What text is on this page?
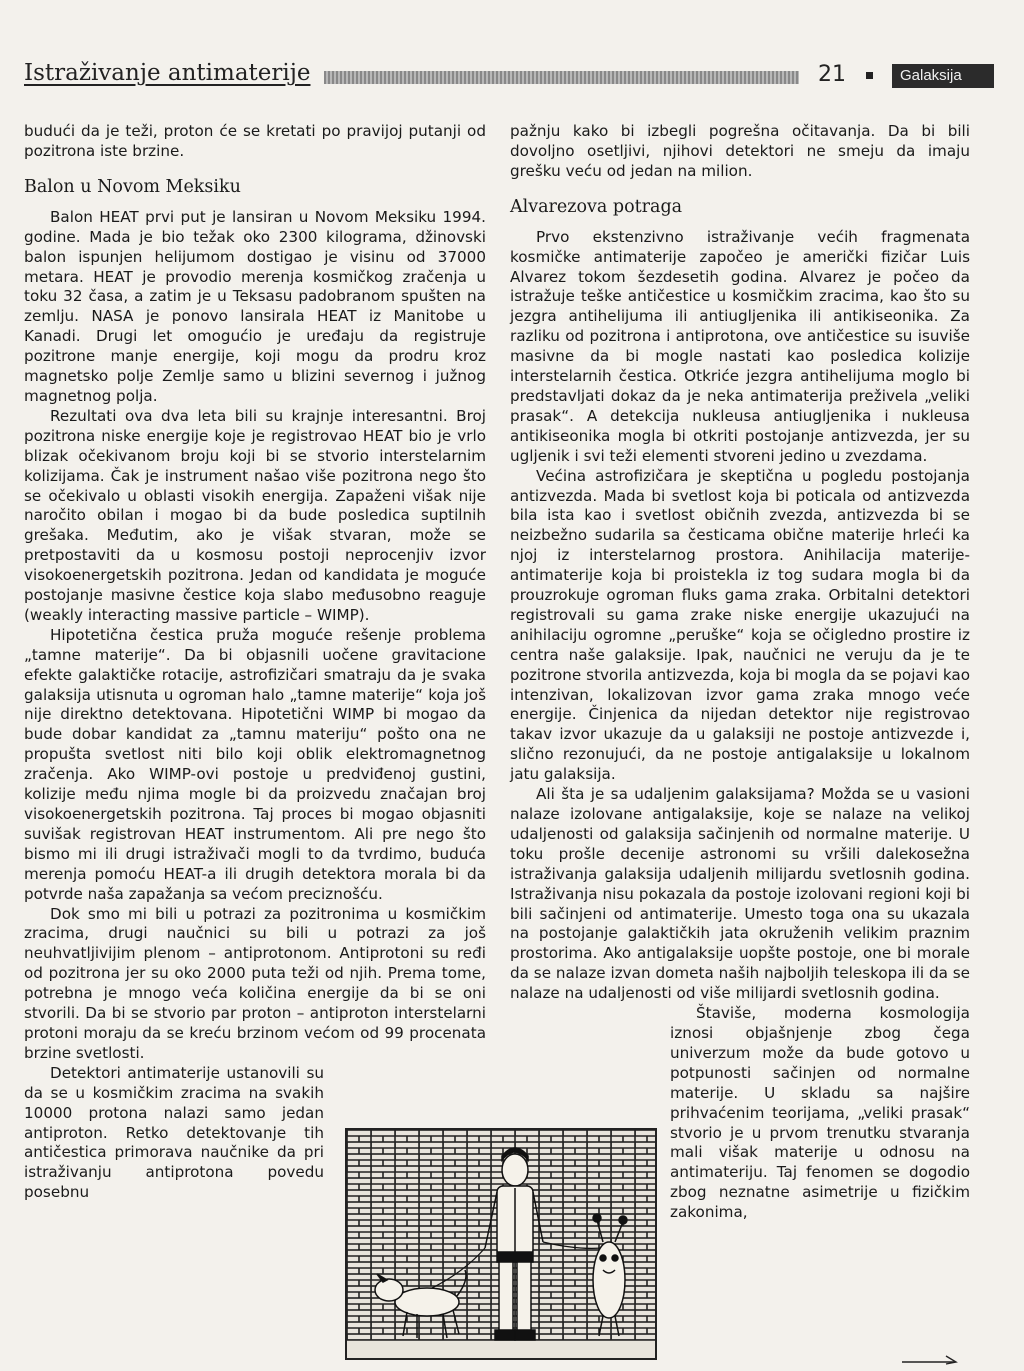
Istraživanje antimaterije	21	Galaksija

budući da je teži, proton će se kretati po pravijoj putanji od pozitrona iste brzine.

Balon u Novom Meksiku

Balon HEAT prvi put je lansiran u Novom Meksiku 1994. godine. Mada je bio težak oko 2300 kilograma, džinovski balon ispunjen helijumom dostigao je visinu od 37000 metara. HEAT je provodio merenja kosmičkog zračenja u toku 32 časa, a zatim je u Teksasu padobranom spušten na zemlju. NASA je ponovo lansirala HEAT iz Manitobe u Kanadi. Drugi let omogućio je uređaju da registruje pozitrone manje energije, koji mogu da prodru kroz magnetsko polje Zemlje samo u blizini severnog i južnog magnetnog polja.

Rezultati ova dva leta bili su krajnje interesantni. Broj pozitrona niske energije koje je registrovao HEAT bio je vrlo blizak očekivanom broju koji bi se stvorio interstelarnim kolizijama. Čak je instrument našao više pozitrona nego što se očekivalo u oblasti visokih energija. Zapaženi višak nije naročito obilan i mogao bi da bude posledica suptilnih grešaka. Međutim, ako je višak stvaran, može se pretpostaviti da u kosmosu postoji neprocenjiv izvor visokoenergetskih pozitrona. Jedan od kandidata je moguće postojanje masivne čestice koja slabo međusobno reaguje (weakly interacting massive particle – WIMP).

Hipotetična čestica pruža moguće rešenje problema „tamne materije“. Da bi objasnili uočene gravitacione efekte galaktičke rotacije, astrofizičari smatraju da je svaka galaksija utisnuta u ogroman halo „tamne materije“ koja još nije direktno detektovana. Hipotetični WIMP bi mogao da bude dobar kandidat za „tamnu materiju“ pošto ona ne propušta svetlost niti bilo koji oblik elektromagnetnog zračenja. Ako WIMP-ovi postoje u predviđenoj gustini, kolizije među njima mogle bi da proizvedu značajan broj visokoenergetskih pozitrona. Taj proces bi mogao objasniti suvišak registrovan HEAT instrumentom. Ali pre nego što bismo mi ili drugi istraživači mogli to da tvrdimo, buduća merenja pomoću HEAT-a ili drugih detektora morala bi da potvrde naša zapažanja sa većom preciznošću.

Dok smo mi bili u potrazi za pozitronima u kosmičkim zracima, drugi naučnici su bili u potrazi za još neuhvatljivijim plenom – antiprotonom. Antiprotoni su ređi od pozitrona jer su oko 2000 puta teži od njih. Prema tome, potrebna je mnogo veća količina energije da bi se oni stvorili. Da bi se stvorio par proton – antiproton interstelarni protoni moraju da se kreću brzinom većom od 99 procenata brzine svetlosti.

Detektori antimaterije ustanovili su da se u kosmičkim zracima na svakih 10000 protona nalazi samo jedan antiproton. Retko detektovanje tih antičestica primorava naučnike da pri istraživanju antiprotona povedu posebnu

pažnju kako bi izbegli pogrešna očitavanja. Da bi bili dovoljno osetljivi, njihovi detektori ne smeju da imaju grešku veću od jedan na milion.

Alvarezova potraga

Prvo ekstenzivno istraživanje većih fragmenata kosmičke antimaterije započeo je američki fizičar Luis Alvarez tokom šezdesetih godina. Alvarez je počeo da istražuje teške antičestice u kosmičkim zracima, kao što su jezgra antihelijuma ili antiugljenika ili antikiseonika. Za razliku od pozitrona i antiprotona, ove antičestice su isuviše masivne da bi mogle nastati kao posledica kolizije interstelarnih čestica. Otkriće jezgra antihelijuma moglo bi predstavljati dokaz da je neka antimaterija preživela „veliki prasak“. A detekcija nukleusa antiugljenika i nukleusa antikiseonika mogla bi otkriti postojanje antizvezda, jer su ugljenik i svi teži elementi stvoreni jedino u zvezdama.

Većina astrofizičara je skeptična u pogledu postojanja antizvezda. Mada bi svetlost koja bi poticala od antizvezda bila ista kao i svetlost običnih zvezda, antizvezda bi se neizbežno sudarila sa česticama obične materije hrleći ka njoj iz interstelarnog prostora. Anihilacija materije-antimaterije koja bi proistekla iz tog sudara mogla bi da prouzrokuje ogroman fluks gama zraka. Orbitalni detektori registrovali su gama zrake niske energije ukazujući na anihilaciju ogromne „peruške“ koja se očigledno prostire iz centra naše galaksije. Ipak, naučnici ne veruju da je te pozitrone stvorila antizvezda, koja bi mogla da se pojavi kao intenzivan, lokalizovan izvor gama zraka mnogo veće energije. Činjenica da nijedan detektor nije registrovao takav izvor ukazuje da u galaksiji ne postoje antizvezde i, slično rezonujući, da ne postoje antigalaksije u lokalnom jatu galaksija.

Ali šta je sa udaljenim galaksijama? Možda se u vasioni nalaze izolovane antigalaksije, koje se nalaze na velikoj udaljenosti od galaksija sačinjenih od normalne materije. U toku prošle decenije astronomi su vršili dalekosežna istraživanja galaksija udaljenih milijardu svetlosnih godina. Istraživanja nisu pokazala da postoje izolovani regioni koji bi bili sačinjeni od antimaterije. Umesto toga ona su ukazala na postojanje galaktičkih jata okruženih velikim praznim prostorima. Ako antigalaksije uopšte postoje, one bi morale da se nalaze izvan dometa naših najboljih teleskopa ili da se nalaze na udaljenosti od više milijardi svetlosnih godina.

Štaviše, moderna kosmologija iznosi objašnjenje zbog čega univerzum može da bude gotovo u potpunosti sačinjen od normalne materije. U skladu sa najšire prihvaćenim teorijama, „veliki prasak“ stvorio je u prvom trenutku stvaranja mali višak materije u odnosu na antimateriju. Taj fenomen se dogodio zbog neznatne asimetrije u fizičkim zakonima,
